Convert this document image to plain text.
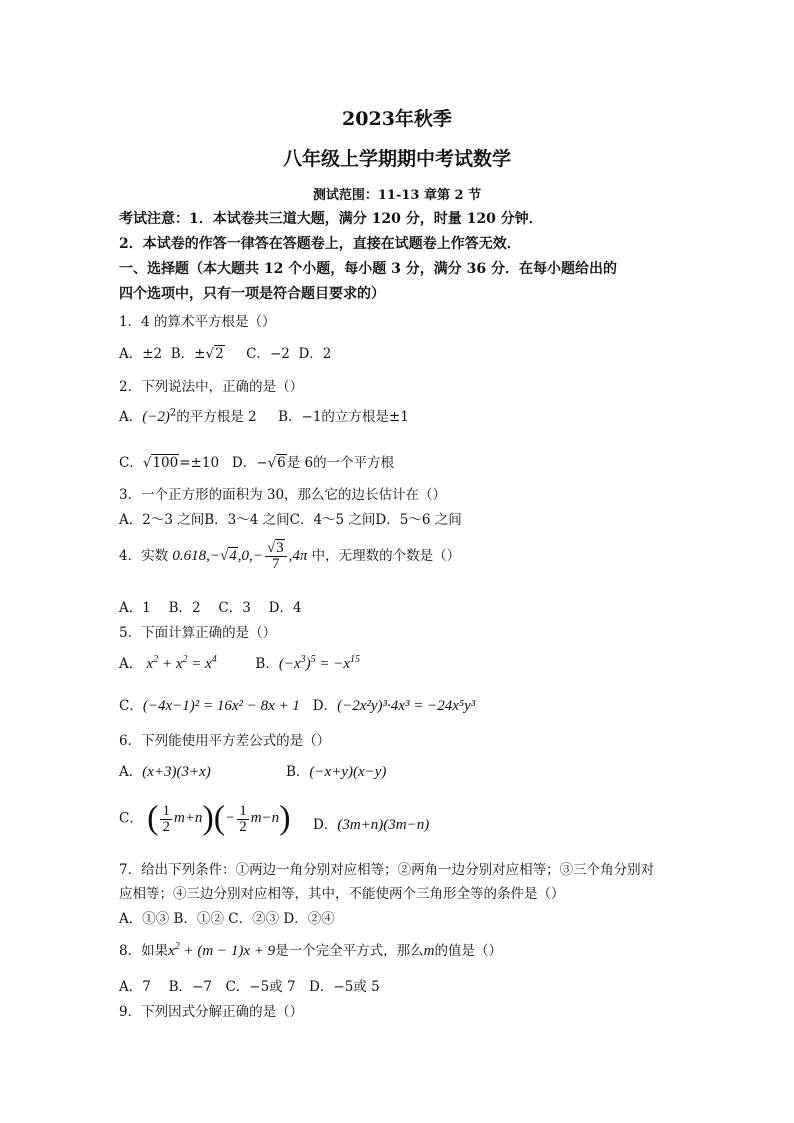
2023年秋季
八年级上学期期中考试数学
测试范围：11-13 章第 2 节
考试注意：1．本试卷共三道大题，满分 120 分，时量 120 分钟．
2．本试卷的作答一律答在答题卷上，直接在试题卷上作答无效．
一、选择题（本大题共 12 个小题，每小题 3 分，满分 36 分．在每小题给出的
四个选项中，只有一项是符合题目要求的）
1．4 的算术平方根是（）
A．±2 B．±√2 C．−2 D．2
2．下列说法中，正确的是（）
A．$(-2)^2$的平方根是 2 B．−1的立方根是±1
C．√100=±10 D．−√6是 6的一个平方根
3．一个正方形的面积为 30，那么它的边长估计在（）
A．2～3 之间B．3～4 之间C．4～5 之间D．5～6 之间
4．实数 $0.618,-√4,0,- \frac{√3}{7} ,4\pi$ 中，无理数的个数是（）
A．1　 B．2　 C．3　 D．4
5．下面计算正确的是（）
A． $x^2 + x^2 = x^4$	B．$(-x^3)^5 = -x^{15}$
C．(−4x−1)² = 16x² − 8x + 1 D．(−2x²y)³·4x³ = −24x⁵y³
6．下列能使用平方差公式的是（）
A．(x+3)(3+x)	B．(−x+y)(x−y)
C． ( $\frac{1}{2} m+n)(- \frac{1}{2} m-n)$ D．(3m+n)(3m−n)
7．给出下列条件：①两边一角分别对应相等；②两角一边分别对应相等；③三个角分别对
应相等；④三边分别对应相等，其中，不能使两个三角形全等的条件是（）
A．①③ B．①② C．②③ D．②④
8．如果$x^2 + (m - 1)x + 9$是一个完全平方式，那么m的值是（）
A．7　 B．−7　C．−5或 7　D．−5或 5
9．下列因式分解正确的是（）
